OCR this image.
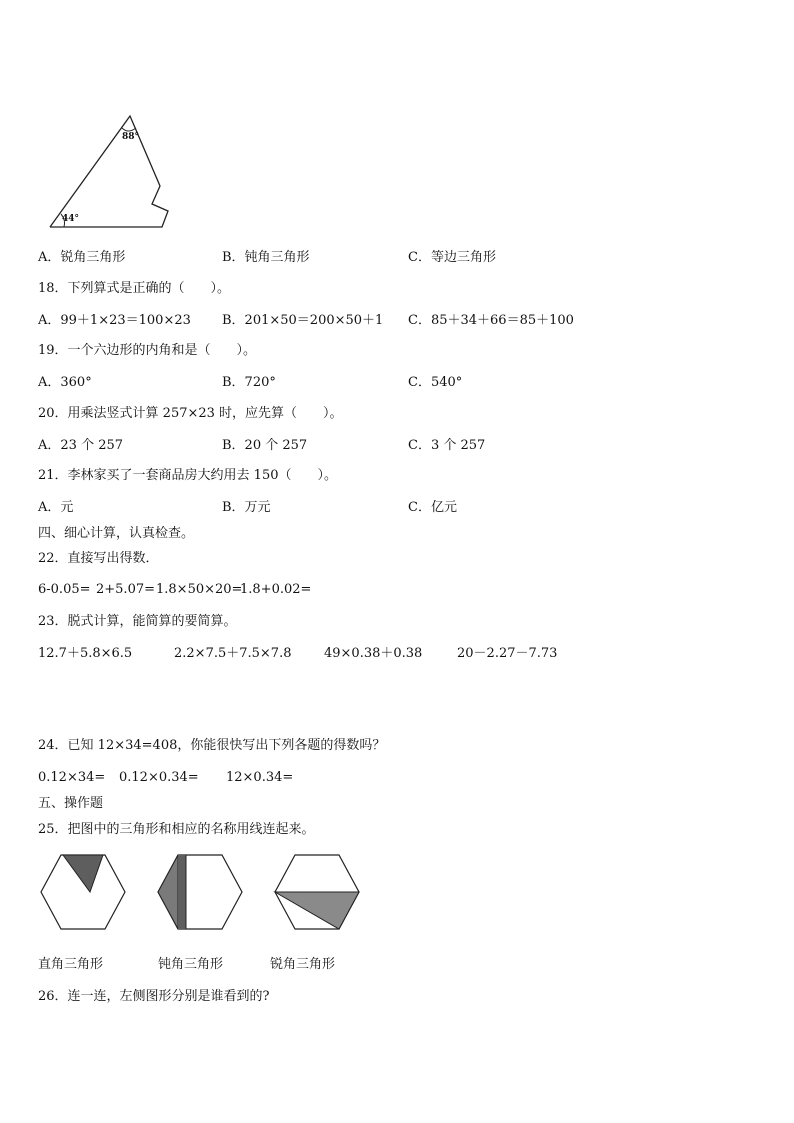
88°
44°
A．锐角三角形	B．钝角三角形	C．等边三角形
18．下列算式是正确的（　　）。
A．99＋1×23＝100×23 B．201×50＝200×50＋1 C．85＋34＋66＝85＋100
19．一个六边形的内角和是（　　）。
A．360°	B．720°	C．540°
20．用乘法竖式计算 257×23 时，应先算（　　）。
A．23 个 257	B．20 个 257	C．3 个 257
21．李林家买了一套商品房大约用去 150（　　）。
A．元	B．万元	C．亿元
四、细心计算，认真检查。
22．直接写出得数．
6-0.05= 2+5.07= 1.8×50×20=
1.8+0.02=
23．脱式计算，能简算的要简算。
12.7＋5.8×6.5	2.2×7.5＋7.5×7.8	49×0.38＋0.38	20－2.27－7.73
24．已知 12×34=408，你能很快写出下列各题的得数吗？
0.12×34= 0.12×0.34= 12×0.34=
五、操作题
25．把图中的三角形和相应的名称用线连起来。
直角三角形	钝角三角形	锐角三角形
26．连一连，左侧图形分别是谁看到的?
